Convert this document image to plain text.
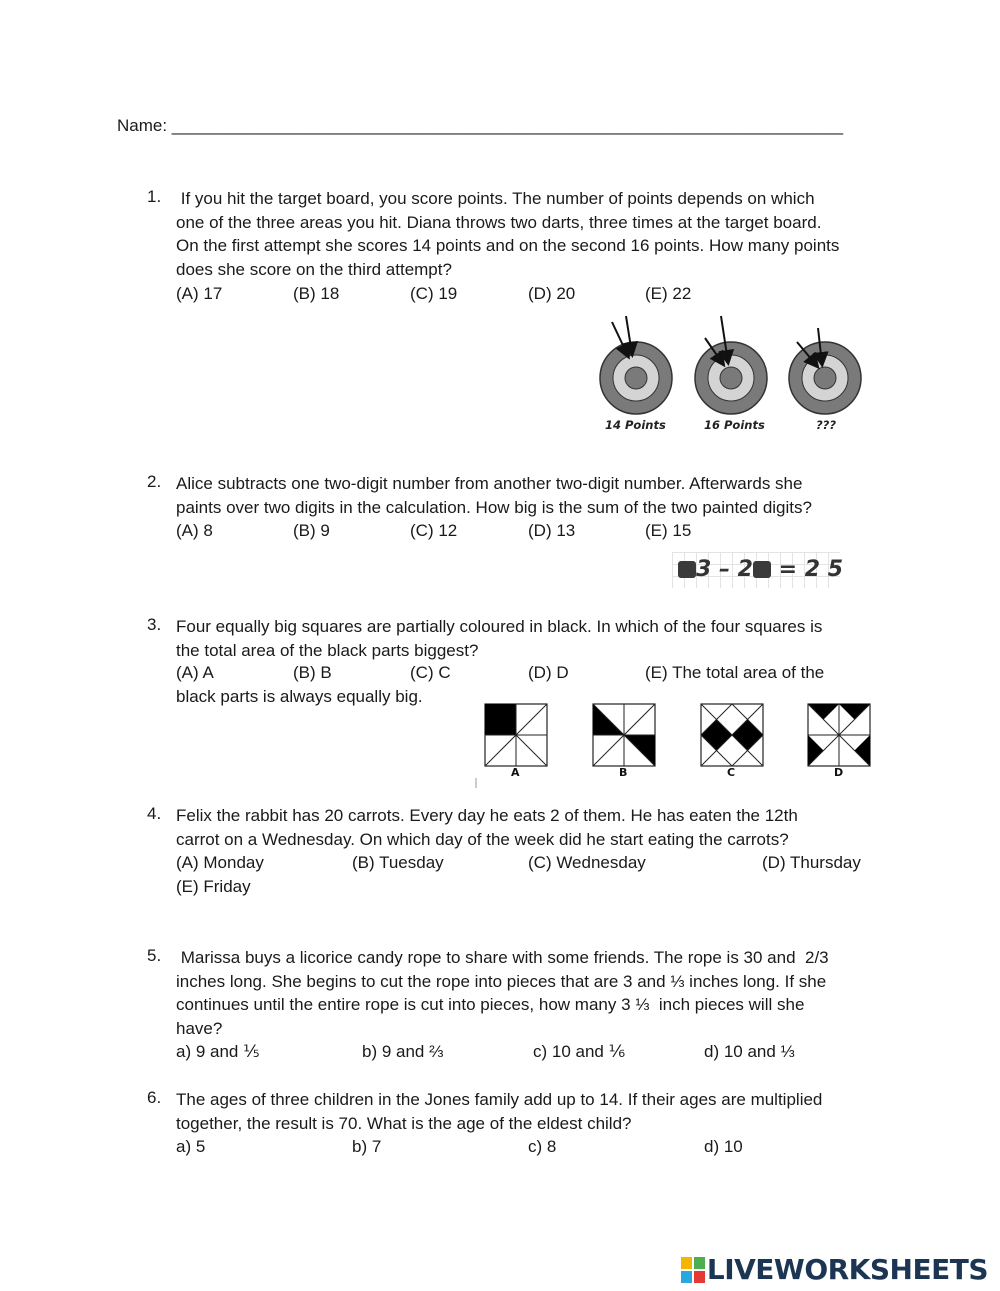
Name: _______________________________________________________________________
1. If you hit the target board, you score points. The number of points depends on which
one of the three areas you hit. Diana throws two darts, three times at the target board.
On the first attempt she scores 14 points and on the second 16 points. How many points
does she score on the third attempt?
(A) 17	(B) 18	(C) 19	(D) 20	(E) 22
14 Points	16 Points	???
2. Alice subtracts one two-digit number from another two-digit number. Afterwards she
paints over two digits in the calculation. How big is the sum of the two painted digits?
(A) 8	(B) 9	(C) 12	(D) 13	(E) 15
3 – 2 = 2 5
3. Four equally big squares are partially coloured in black. In which of the four squares is
the total area of the black parts biggest?
(A) A	(B) B	(C) C	(D) D	(E) The total area of the
black parts is always equally big.
A	B	C	D
4. Felix the rabbit has 20 carrots. Every day he eats 2 of them. He has eaten the 12th
carrot on a Wednesday. On which day of the week did he start eating the carrots?
(A) Monday	(B) Tuesday	(C) Wednesday	(D) Thursday
(E) Friday
5. Marissa buys a licorice candy rope to share with some friends. The rope is 30 and  2/3
inches long. She begins to cut the rope into pieces that are 3 and ⅓ inches long. If she
continues until the entire rope is cut into pieces, how many 3 ⅓  inch pieces will she
have?
a) 9 and ⅕	b) 9 and ⅔	c) 10 and ⅙	d) 10 and ⅓
6. The ages of three children in the Jones family add up to 14. If their ages are multiplied
together, the result is 70. What is the age of the eldest child?
a) 5	b) 7	c) 8	d) 10
LIVEWORKSHEETS
